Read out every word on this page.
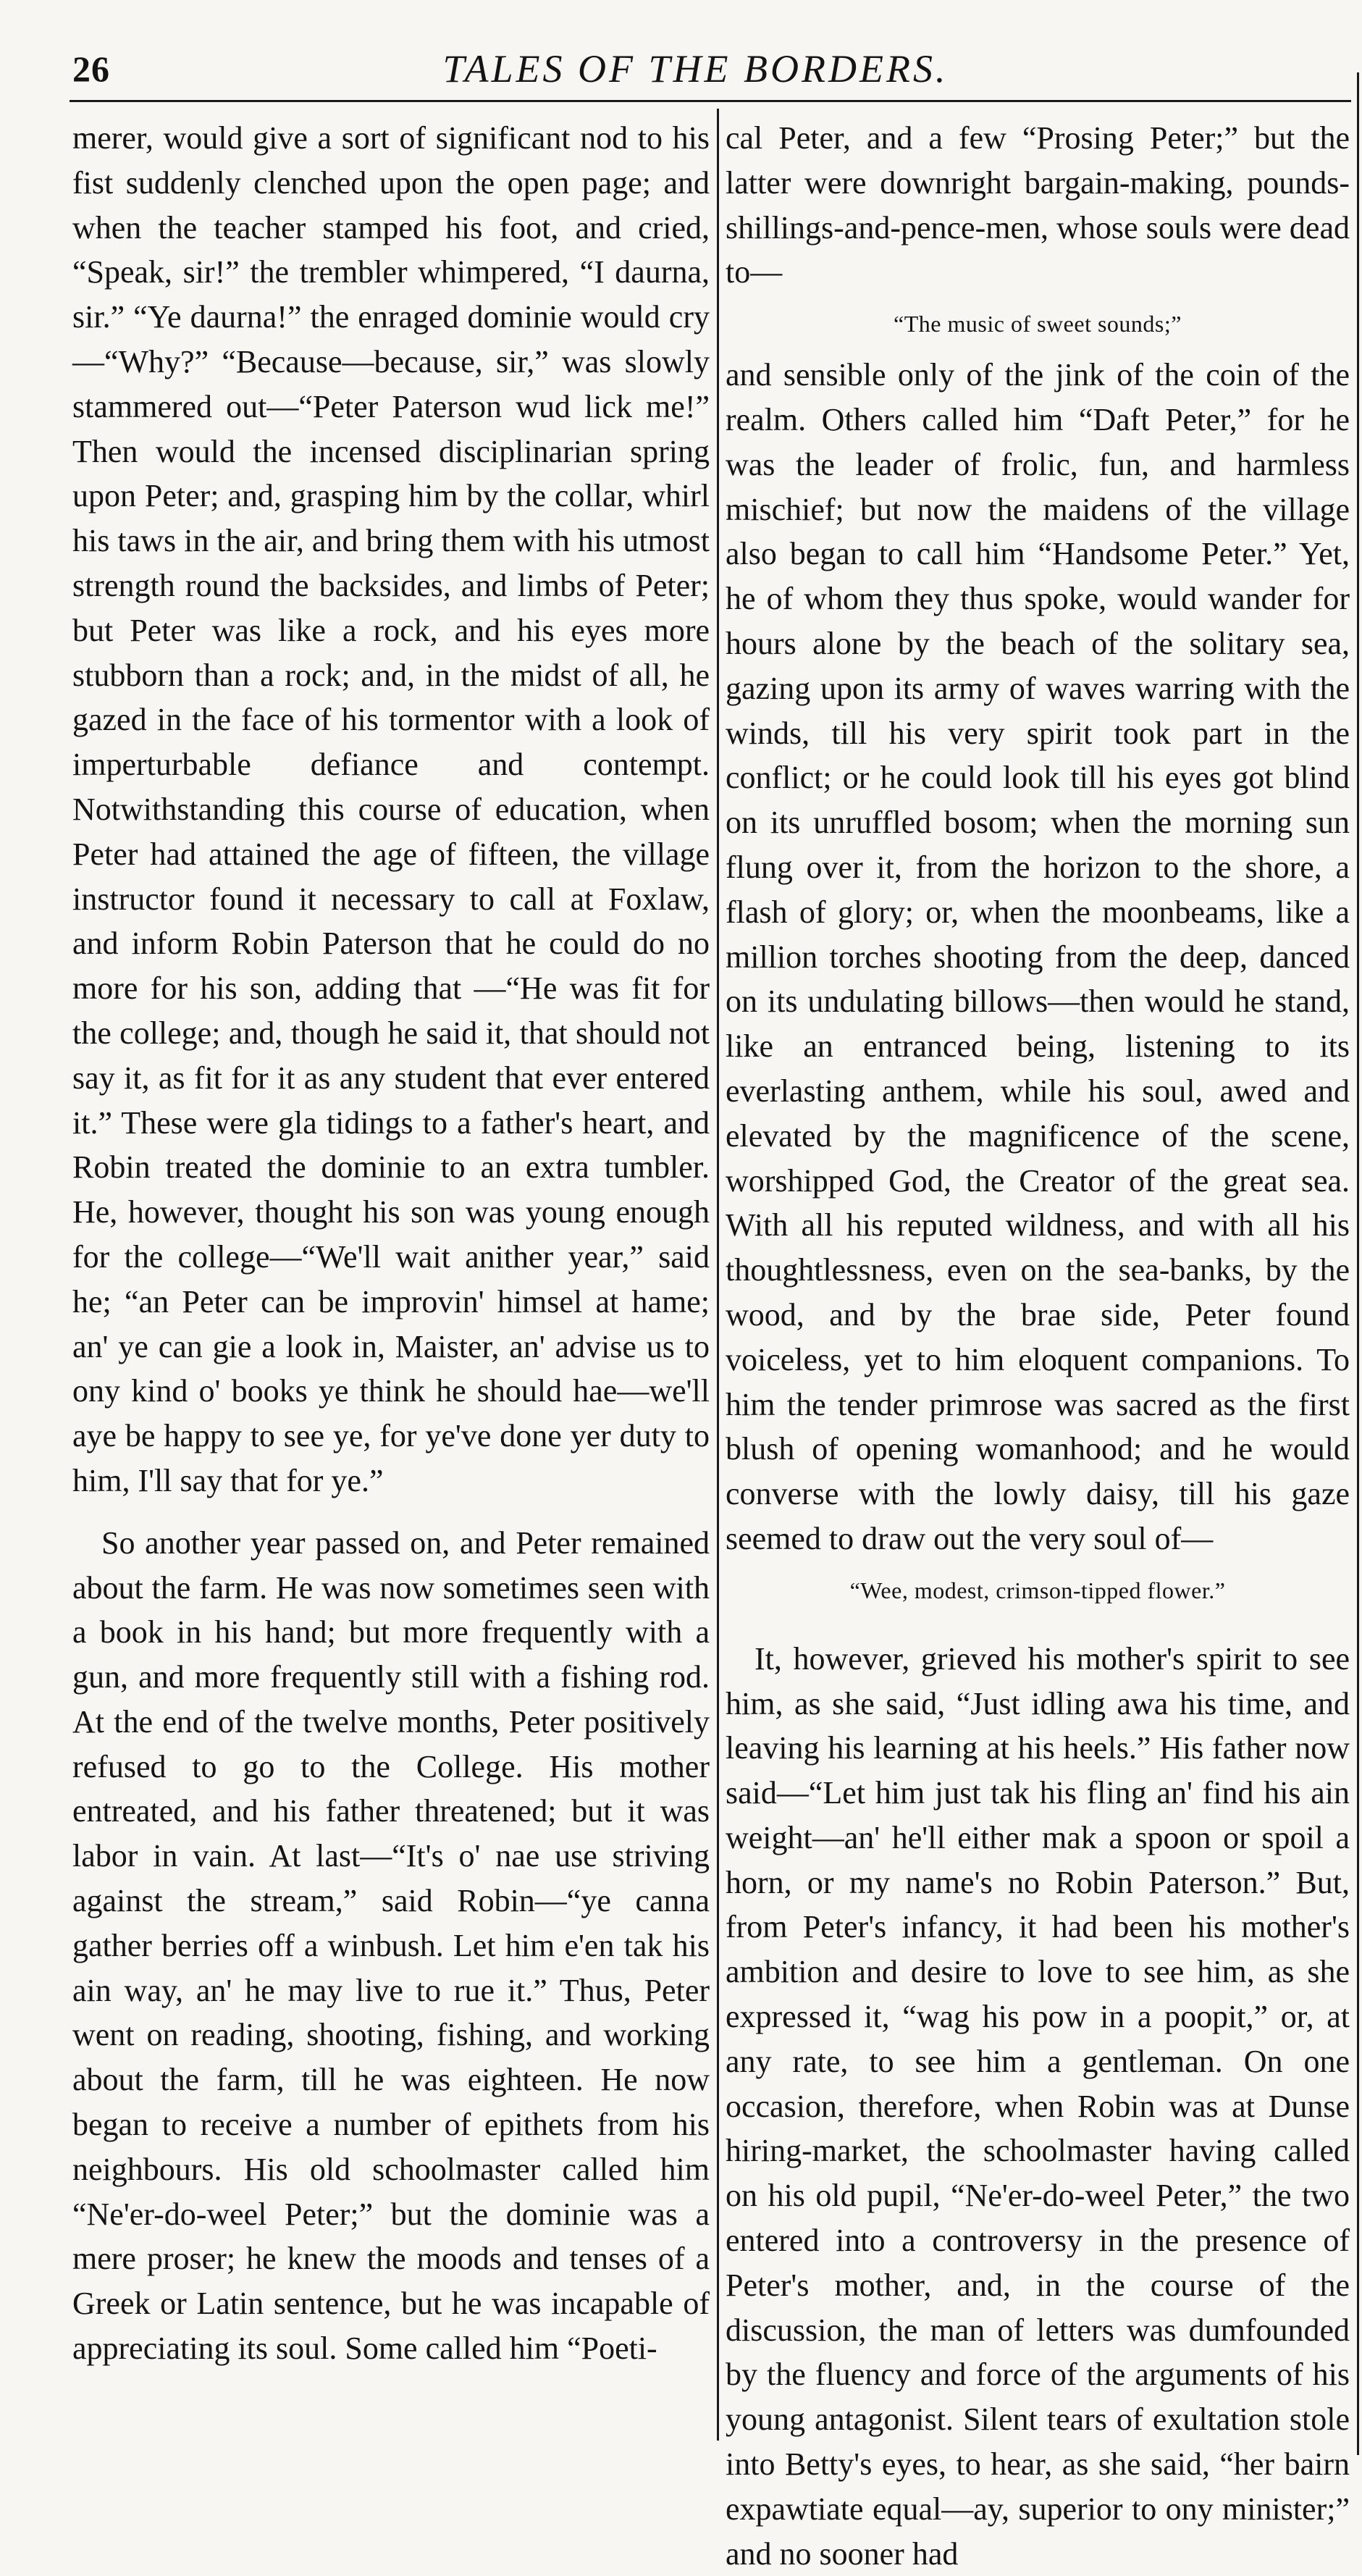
26	TALES OF THE BORDERS.

merer, would give a sort of significant nod to his fist suddenly clenched upon the open page; and when the teacher stamped his foot, and cried, “Speak, sir!” the trembler whimpered, “I daurna, sir.” “Ye daurna!” the enraged dominie would cry—“Why?” “Because—because, sir,” was slowly stammered out—“Peter Paterson wud lick me!” Then would the incensed disciplinarian spring upon Peter; and, grasping him by the collar, whirl his taws in the air, and bring them with his utmost strength round the backsides, and limbs of Peter; but Peter was like a rock, and his eyes more stubborn than a rock; and, in the midst of all, he gazed in the face of his tormentor with a look of imperturbable defiance and contempt. Notwithstanding this course of education, when Peter had attained the age of fifteen, the village instructor found it necessary to call at Foxlaw, and inform Robin Paterson that he could do no more for his son, adding that —“He was fit for the college; and, though he said it, that should not say it, as fit for it as any student that ever entered it.” These were gla tidings to a father's heart, and Robin treated the dominie to an extra tumbler. He, however, thought his son was young enough for the college—“We'll wait anither year,” said he; “an Peter can be improvin' himsel at hame; an' ye can gie a look in, Maister, an' advise us to ony kind o' books ye think he should hae—we'll aye be happy to see ye, for ye've done yer duty to him, I'll say that for ye.”

So another year passed on, and Peter remained about the farm. He was now sometimes seen with a book in his hand; but more frequently with a gun, and more frequently still with a fishing rod. At the end of the twelve months, Peter positively refused to go to the College. His mother entreated, and his father threatened; but it was labor in vain. At last—“It's o' nae use striving against the stream,” said Robin—“ye canna gather berries off a winbush. Let him e'en tak his ain way, an' he may live to rue it.” Thus, Peter went on reading, shooting, fishing, and working about the farm, till he was eighteen. He now began to receive a number of epithets from his neighbours. His old schoolmaster called him “Ne'er-do-weel Peter;” but the dominie was a mere proser; he knew the moods and tenses of a Greek or Latin sentence, but he was incapable of appreciating its soul. Some called him “Poeti-

cal Peter, and a few “Prosing Peter;” but the latter were downright bargain-making, pounds-shillings-and-pence-men, whose souls were dead to—

“The music of sweet sounds;”

and sensible only of the jink of the coin of the realm. Others called him “Daft Peter,” for he was the leader of frolic, fun, and harmless mischief; but now the maidens of the village also began to call him “Handsome Peter.” Yet, he of whom they thus spoke, would wander for hours alone by the beach of the solitary sea, gazing upon its army of waves warring with the winds, till his very spirit took part in the conflict; or he could look till his eyes got blind on its unruffled bosom; when the morning sun flung over it, from the horizon to the shore, a flash of glory; or, when the moonbeams, like a million torches shooting from the deep, danced on its undulating billows—then would he stand, like an entranced being, listening to its everlasting anthem, while his soul, awed and elevated by the magnificence of the scene, worshipped God, the Creator of the great sea. With all his reputed wildness, and with all his thoughtlessness, even on the sea-banks, by the wood, and by the brae side, Peter found voiceless, yet to him eloquent companions. To him the tender primrose was sacred as the first blush of opening womanhood; and he would converse with the lowly daisy, till his gaze seemed to draw out the very soul of—

“Wee, modest, crimson-tipped flower.”

It, however, grieved his mother's spirit to see him, as she said, “Just idling awa his time, and leaving his learning at his heels.” His father now said—“Let him just tak his fling an' find his ain weight—an' he'll either mak a spoon or spoil a horn, or my name's no Robin Paterson.” But, from Peter's infancy, it had been his mother's ambition and desire to love to see him, as she expressed it, “wag his pow in a poopit,” or, at any rate, to see him a gentleman. On one occasion, therefore, when Robin was at Dunse hiring-market, the schoolmaster having called on his old pupil, “Ne'er-do-weel Peter,” the two entered into a controversy in the presence of Peter's mother, and, in the course of the discussion, the man of letters was dumfounded by the fluency and force of the arguments of his young antagonist. Silent tears of exultation stole into Betty's eyes, to hear, as she said, “her bairn expawtiate equal—ay, superior to ony minister;” and no sooner had
